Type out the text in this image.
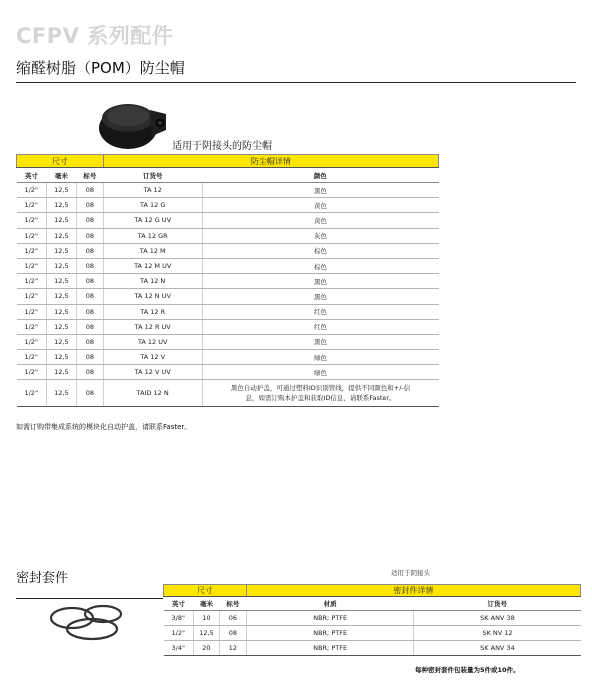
CFPV 系列配件
缩醛树脂（POM）防尘帽
适用于阴接头的防尘帽
尺寸			防尘帽详情	
英寸	毫米	标号	订货号	颜色
1/2"	12,5	08	TA 12	黑色
1/2"	12,5	08	TA 12 G	黄色
1/2"	12,5	08	TA 12 G UV	黄色
1/2"	12,5	08	TA 12 GR	灰色
1/2"	12,5	08	TA 12 M	棕色
1/2"	12,5	08	TA 12 M UV	棕色
1/2"	12,5	08	TA 12 N	黑色
1/2"	12,5	08	TA 12 N UV	黑色
1/2"	12,5	08	TA 12 R	红色
1/2"	12,5	08	TA 12 R UV	红色
1/2"	12,5	08	TA 12 UV	黑色
1/2"	12,5	08	TA 12 V	绿色
1/2"	12,5	08	TA 12 V UV	绿色
1/2"	12,5	08	TAID 12 N	黑色自动护盖，可通过塑料ID识别管线，提供不同颜色和+/-信
息，如需订购本护盖和获取ID信息，请联系Faster。
如需订购带集成系统的模块化自动护盖，请联系Faster。
密封套件	适用于阴接头
尺寸			密封件详情	
英寸	毫米	标号	材质	订货号
3/8"	10	06	NBR; PTFE	SK ANV 38
1/2"	12,5	08	NBR; PTFE	SK NV 12
3/4"	20	12	NBR; PTFE	SK ANV 34
每种密封套件包装量为5件或10件。
